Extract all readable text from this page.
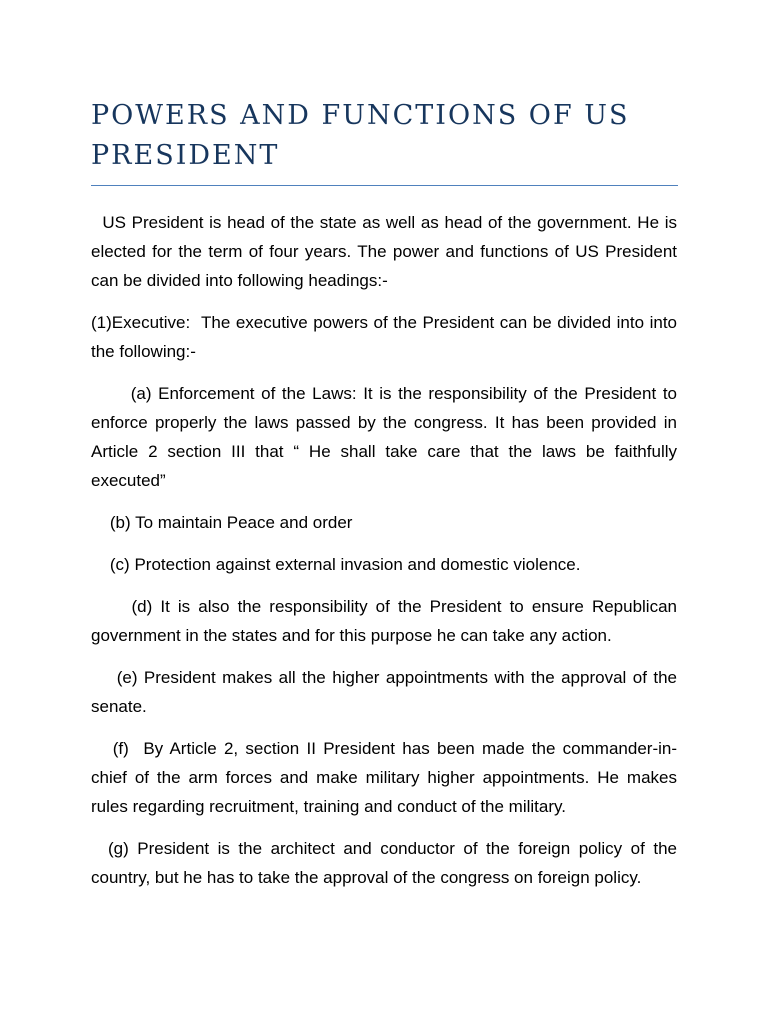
POWERS AND FUNCTIONS OF US PRESIDENT

US President is head of the state as well as head of the government. He is elected for the term of four years. The power and functions of US President can be divided into following headings:-

(1)Executive:  The executive powers of the President can be divided into into the following:-

(a) Enforcement of the Laws: It is the responsibility of the President to enforce properly the laws passed by the congress. It has been provided in Article 2 section III that “ He shall take care that the laws be faithfully executed”

(b) To maintain Peace and order

(c) Protection against external invasion and domestic violence.

(d) It is also the responsibility of the President to ensure Republican government in the states and for this purpose he can take any action.

(e) President makes all the higher appointments with the approval of the senate.

(f)  By Article 2, section II President has been made the commander-in- chief of the arm forces and make military higher appointments. He makes rules regarding recruitment, training and conduct of the military.

(g) President is the architect and conductor of the foreign policy of the country, but he has to take the approval of the congress on foreign policy.
